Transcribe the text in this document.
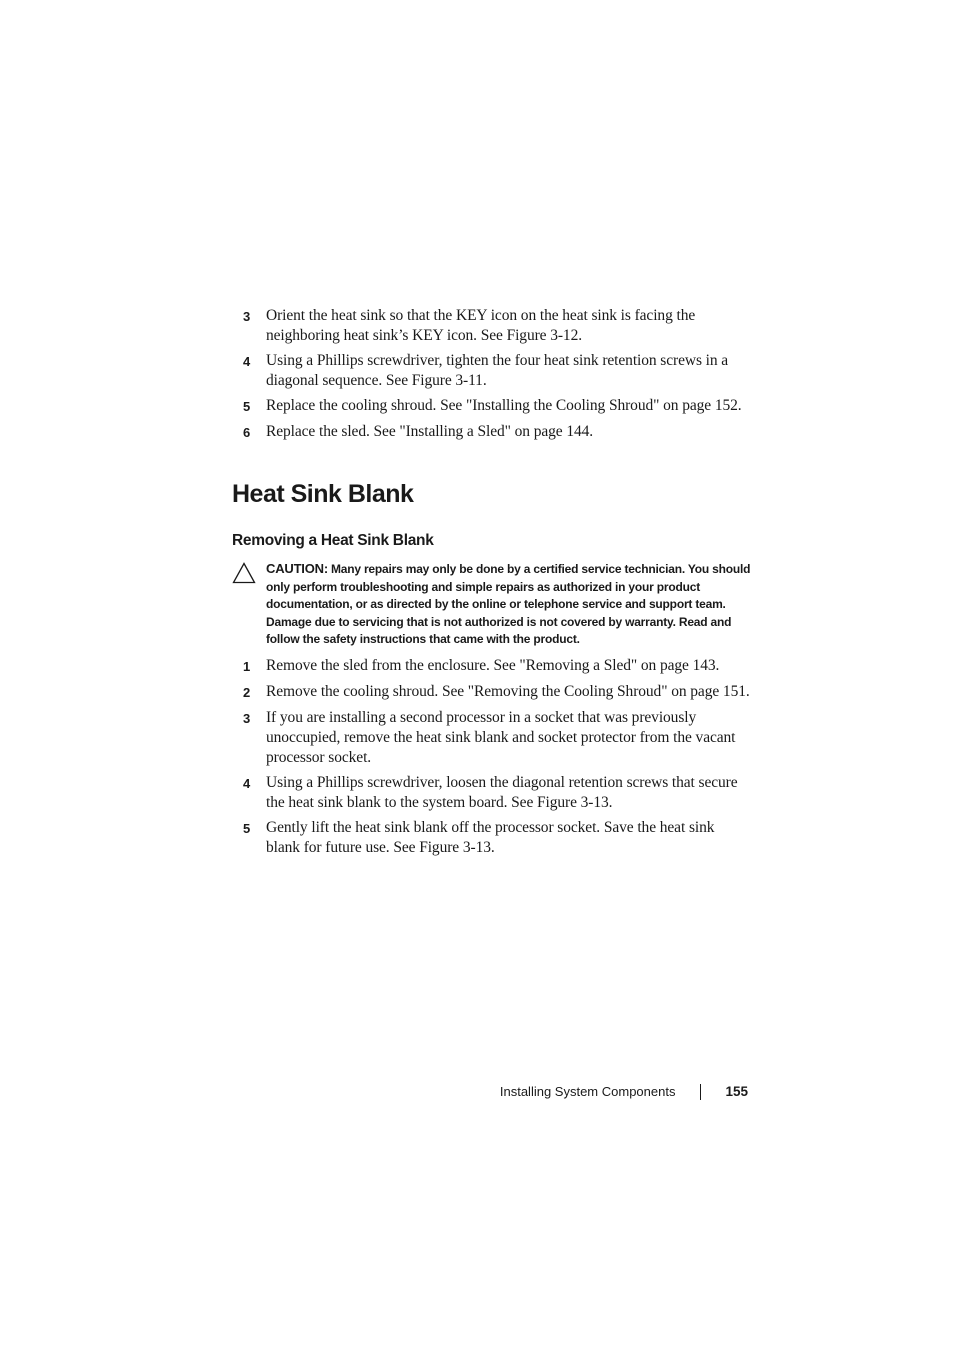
3	Orient the heat sink so that the KEY icon on the heat sink is facing the neighboring heat sink’s KEY icon. See Figure 3-12.
4	Using a Phillips screwdriver, tighten the four heat sink retention screws in a diagonal sequence. See Figure 3-11.
5	Replace the cooling shroud. See "Installing the Cooling Shroud" on page 152.
6	Replace the sled. See "Installing a Sled" on page 144.
Heat Sink Blank
Removing a Heat Sink Blank
CAUTION: Many repairs may only be done by a certified service technician. You should only perform troubleshooting and simple repairs as authorized in your product documentation, or as directed by the online or telephone service and support team. Damage due to servicing that is not authorized is not covered by warranty. Read and follow the safety instructions that came with the product.
1	Remove the sled from the enclosure. See "Removing a Sled" on page 143.
2	Remove the cooling shroud. See "Removing the Cooling Shroud" on page 151.
3	If you are installing a second processor in a socket that was previously unoccupied, remove the heat sink blank and socket protector from the vacant processor socket.
4	Using a Phillips screwdriver, loosen the diagonal retention screws that secure the heat sink blank to the system board. See Figure 3-13.
5	Gently lift the heat sink blank off the processor socket. Save the heat sink blank for future use. See Figure 3-13.
Installing System Components	155
